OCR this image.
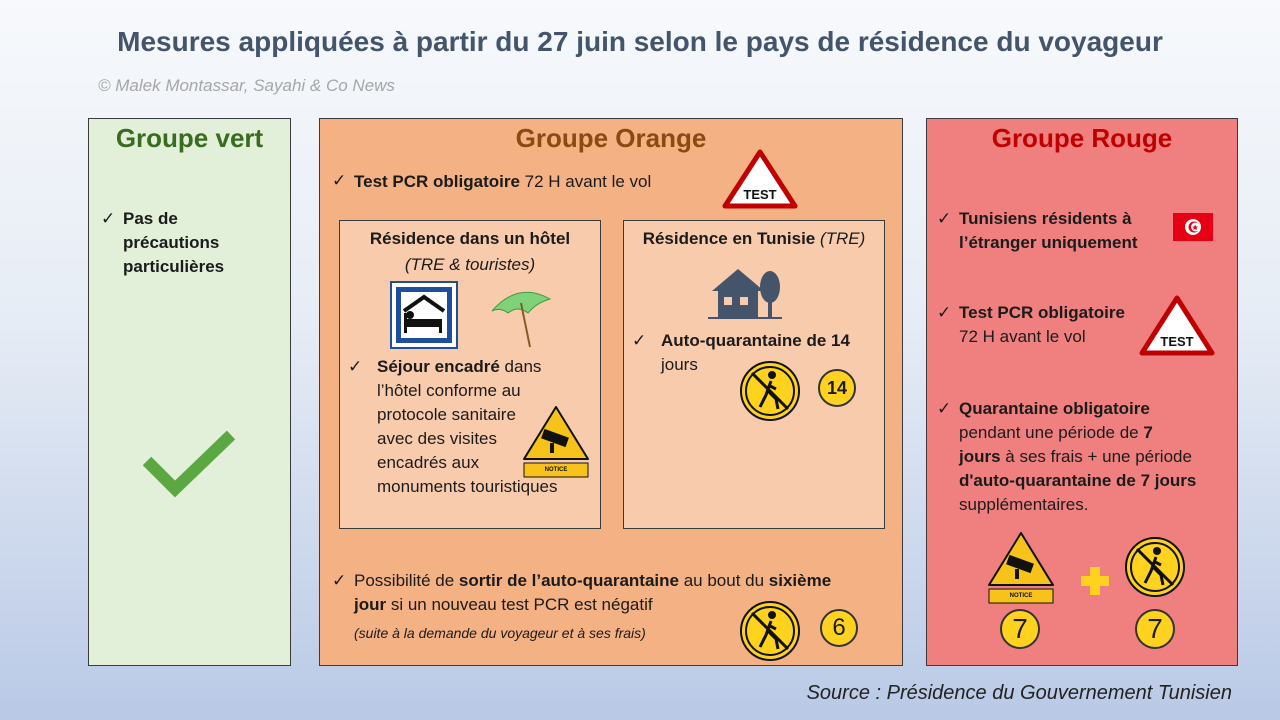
Mesures appliquées à partir du 27 juin selon le pays de résidence du voyageur
© Malek Montassar, Sayahi & Co News
Groupe vert
✓ Pas de
précautions
particulières
Groupe Orange
✓ Test PCR obligatoire 72 H avant le vol
TEST
Résidence dans un hôtel
(TRE & touristes)
✓ Séjour encadré dans
l’hôtel conforme au
protocole sanitaire
avec des visites
encadrés aux
monuments touristiques
NOTICE
Résidence en Tunisie (TRE)
✓ Auto-quarantaine de 14
jours
14
✓ Possibilité de sortir de l’auto-quarantaine au bout du sixième
jour si un nouveau test PCR est négatif
(suite à la demande du voyageur et à ses frais)	6
Groupe Rouge
✓ Tunisiens résidents à
l’étranger uniquement
✓ Test PCR obligatoire
72 H avant le vol	TEST
✓ Quarantaine obligatoire
pendant une période de 7
jours à ses frais + une période
d'auto-quarantaine de 7 jours
supplémentaires.
NOTICE
7	7
Source : Présidence du Gouvernement Tunisien
